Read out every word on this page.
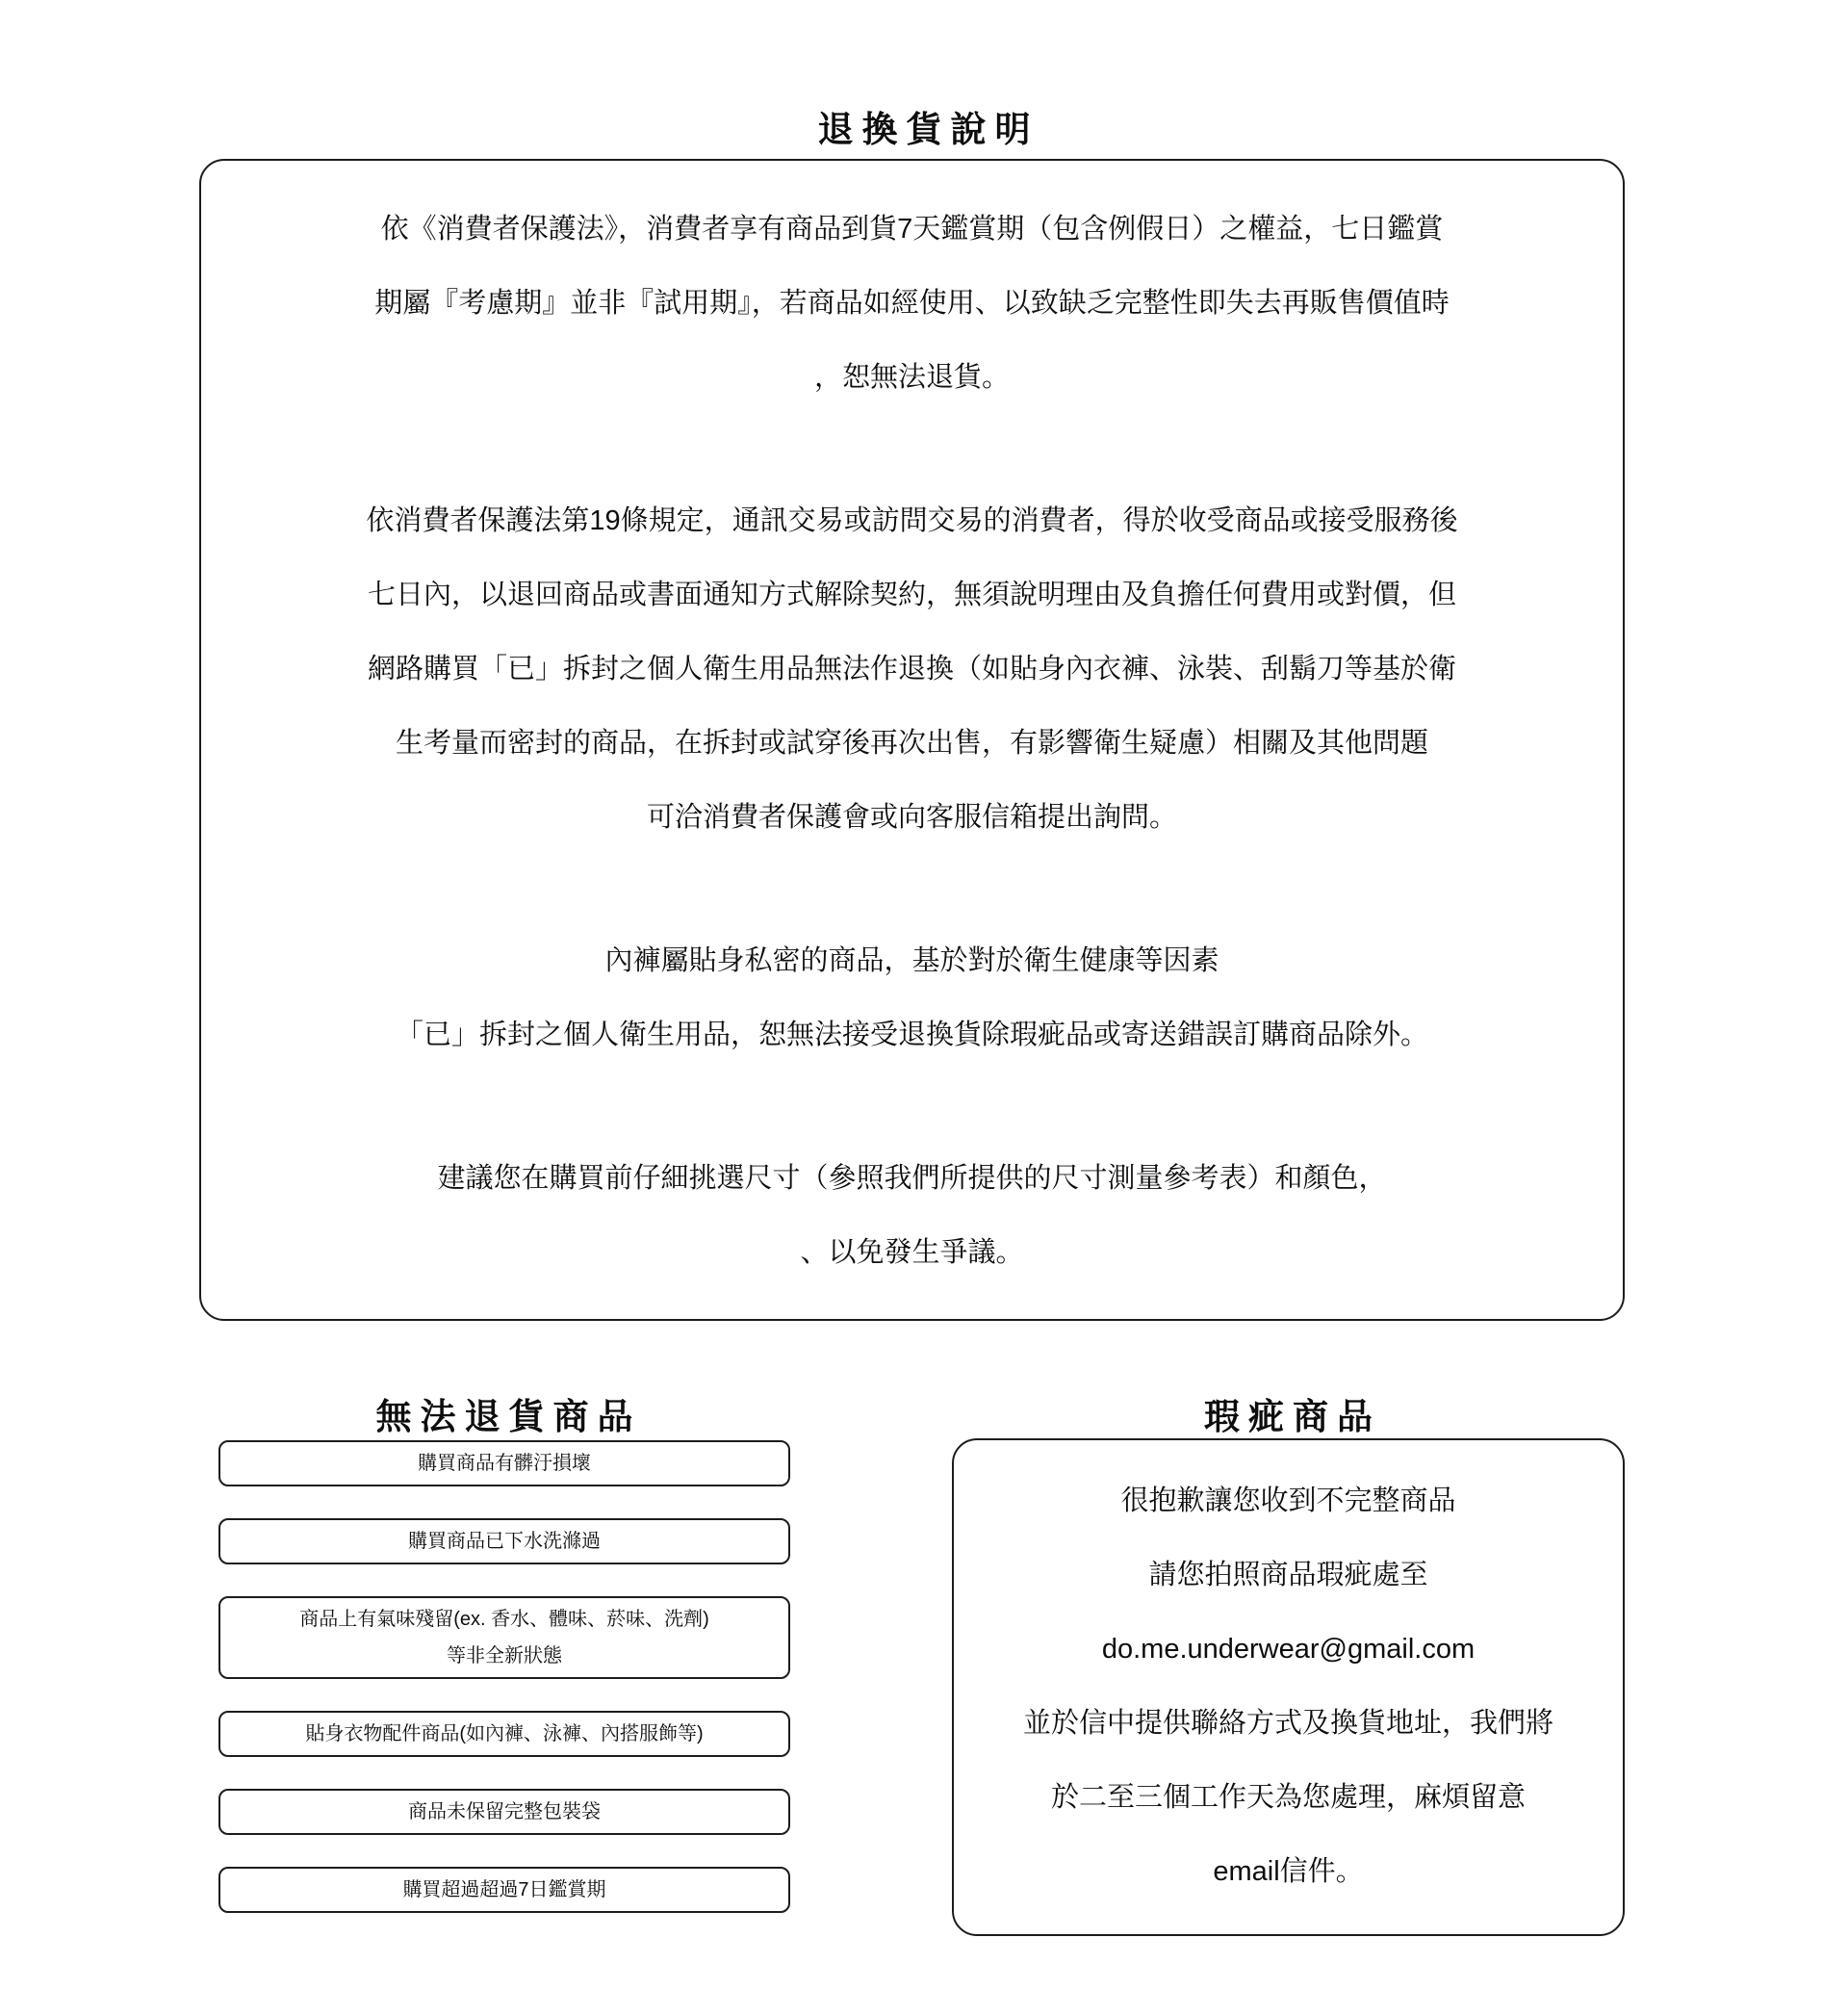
退換貨說明
依《消費者保護法》，消費者享有商品到貨7天鑑賞期（包含例假日）之權益，七日鑑賞
期屬『考慮期』並非『試用期』，若商品如經使用、以致缺乏完整性即失去再販售價值時
，恕無法退貨。
依消費者保護法第19條規定，通訊交易或訪問交易的消費者，得於收受商品或接受服務後
七日內，以退回商品或書面通知方式解除契約，無須說明理由及負擔任何費用或對價，但
網路購買「已」拆封之個人衛生用品無法作退換（如貼身內衣褲、泳裝、刮鬍刀等基於衛
生考量而密封的商品，在拆封或試穿後再次出售，有影響衛生疑慮）相關及其他問題
可洽消費者保護會或向客服信箱提出詢問。
內褲屬貼身私密的商品，基於對於衛生健康等因素
「已」拆封之個人衛生用品，恕無法接受退換貨除瑕疵品或寄送錯誤訂購商品除外。
建議您在購買前仔細挑選尺寸（參照我們所提供的尺寸測量參考表）和顏色，
、以免發生爭議。
無法退貨商品
購買商品有髒汙損壞
購買商品已下水洗滌過
商品上有氣味殘留(ex. 香水、體味、菸味、洗劑)
等非全新狀態
貼身衣物配件商品(如內褲、泳褲、內搭服飾等)
商品未保留完整包裝袋
購買超過超過7日鑑賞期
瑕疵商品
很抱歉讓您收到不完整商品
請您拍照商品瑕疵處至
do.me.underwear@gmail.com
並於信中提供聯絡方式及換貨地址，我們將
於二至三個工作天為您處理，麻煩留意
email信件。
